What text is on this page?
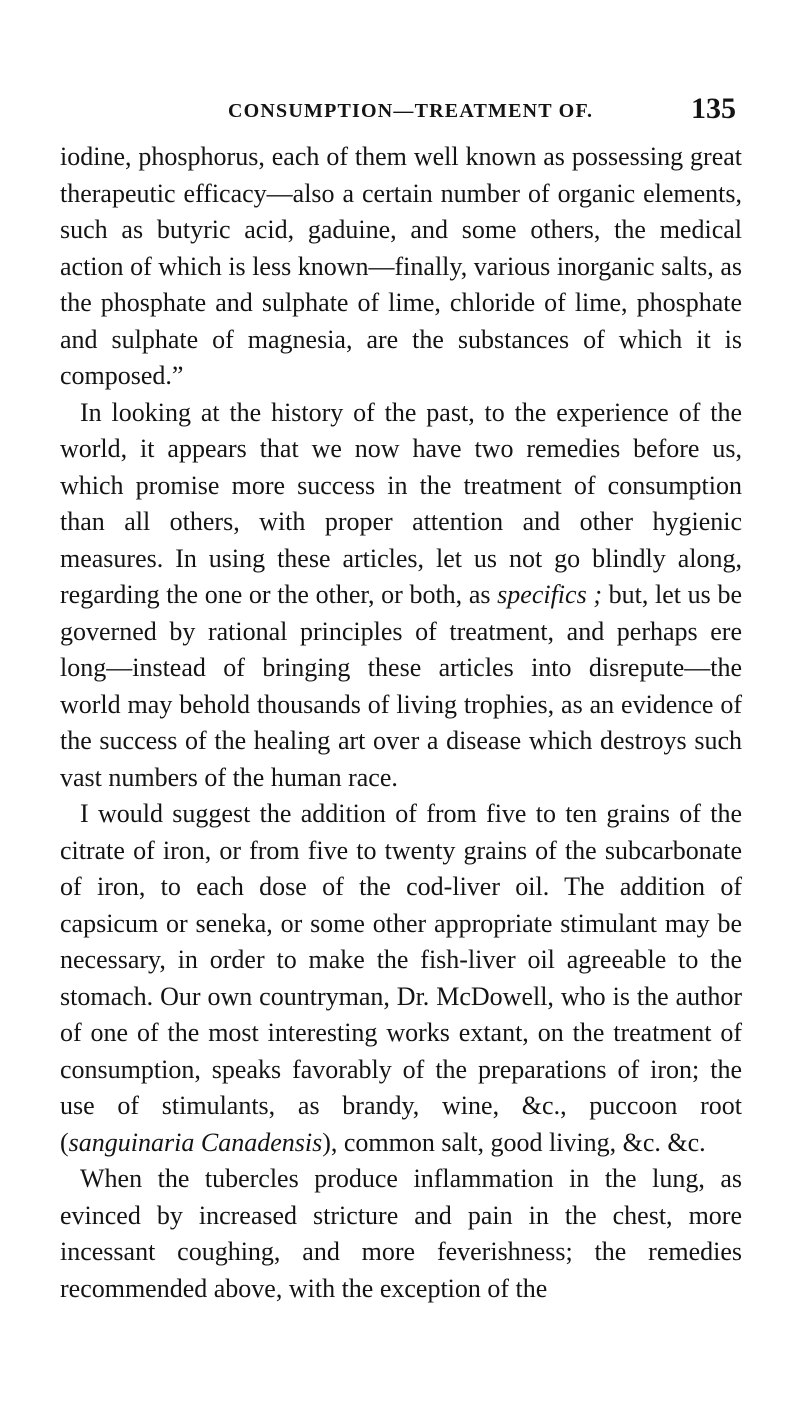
CONSUMPTION—TREATMENT OF.	135

iodine, phosphorus, each of them well known as possessing great therapeutic efficacy—also a certain number of organic elements, such as butyric acid, gaduine, and some others, the medical action of which is less known—finally, various inorganic salts, as the phosphate and sulphate of lime, chloride of lime, phosphate and sulphate of magnesia, are the substances of which it is composed.”

In looking at the history of the past, to the experience of the world, it appears that we now have two remedies before us, which promise more success in the treatment of consumption than all others, with proper attention and other hygienic measures. In using these articles, let us not go blindly along, regarding the one or the other, or both, as specifics ; but, let us be governed by rational principles of treatment, and perhaps ere long—instead of bringing these articles into disrepute—the world may behold thousands of living trophies, as an evidence of the success of the healing art over a disease which destroys such vast numbers of the human race.

I would suggest the addition of from five to ten grains of the citrate of iron, or from five to twenty grains of the subcarbonate of iron, to each dose of the cod-liver oil. The addition of capsicum or seneka, or some other appropriate stimulant may be necessary, in order to make the fish-liver oil agreeable to the stomach. Our own countryman, Dr. McDowell, who is the author of one of the most interesting works extant, on the treatment of consumption, speaks favorably of the preparations of iron; the use of stimulants, as brandy, wine, &c., puccoon root (sanguinaria Canadensis), common salt, good living, &c. &c.

When the tubercles produce inflammation in the lung, as evinced by increased stricture and pain in the chest, more incessant coughing, and more feverishness; the remedies recommended above, with the exception of the
